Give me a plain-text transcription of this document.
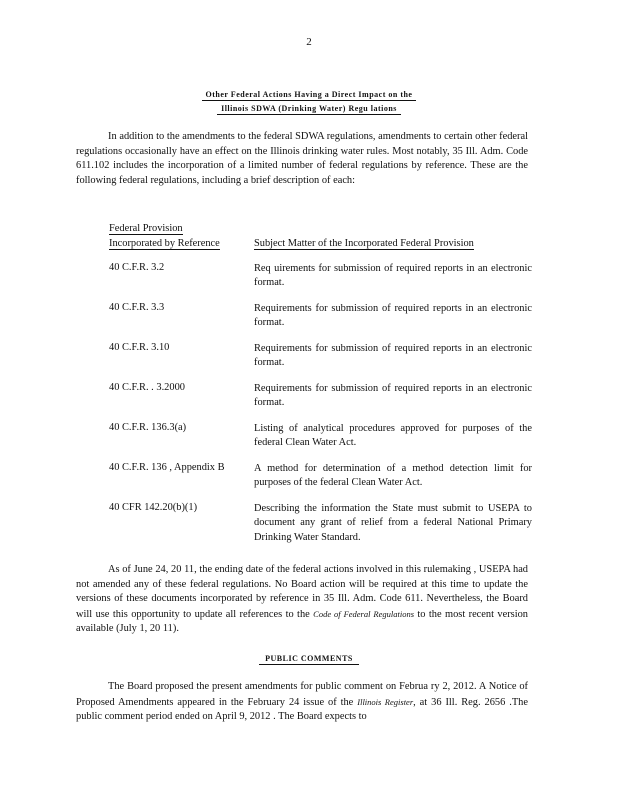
2
Other Federal Actions Having a Direct Impact on the
Illinois SDWA (Drinking Water) Regu lations
In addition to the amendments to the federal SDWA regulations, amendments to certain other federal regulations occasionally have an effect on the Illinois drinking water rules. Most notably, 35 Ill. Adm. Code 611.102 includes the incorporation of a limited number of federal regulations by reference. These are the following federal regulations, including a brief description of each:
Federal Provision
Incorporated by Reference	Subject Matter of the Incorporated Federal Provision
40 C.F.R. 3.2	Req uirements for submission of required reports in an electronic format.
40 C.F.R. 3.3	Requirements for submission of required reports in an electronic format.
40 C.F.R. 3.10	Requirements for submission of required reports in an electronic format.
40 C.F.R. . 3.2000	Requirements for submission of required reports in an electronic format.
40 C.F.R. 136.3(a)	Listing of analytical procedures approved for purposes of the federal Clean Water Act.
40 C.F.R. 136 , Appendix B	A method for determination of a method detection limit for purposes of the federal Clean Water Act.
40 CFR 142.20(b)(1)	Describing the information the State must submit to USEPA to document any grant of relief from a federal National Primary Drinking Water Standard.
As of June 24, 20 11, the ending date of the federal actions involved in this rulemaking , USEPA had not amended any of these federal regulations. No Board action will be required at this time to update the versions of these documents incorporated by reference in 35 Ill. Adm. Code 611. Nevertheless, the Board will use this opportunity to update all references to the Code of Federal Regulations to the most recent version available (July 1, 20 11).
PUBLIC COMMENTS
The Board proposed the present amendments for public comment on Februa ry 2, 2012. A Notice of Proposed Amendments appeared in the February 24 issue of the Illinois Register, at 36 Ill. Reg. 2656 .The public comment period ended on April 9, 2012 . The Board expects to
